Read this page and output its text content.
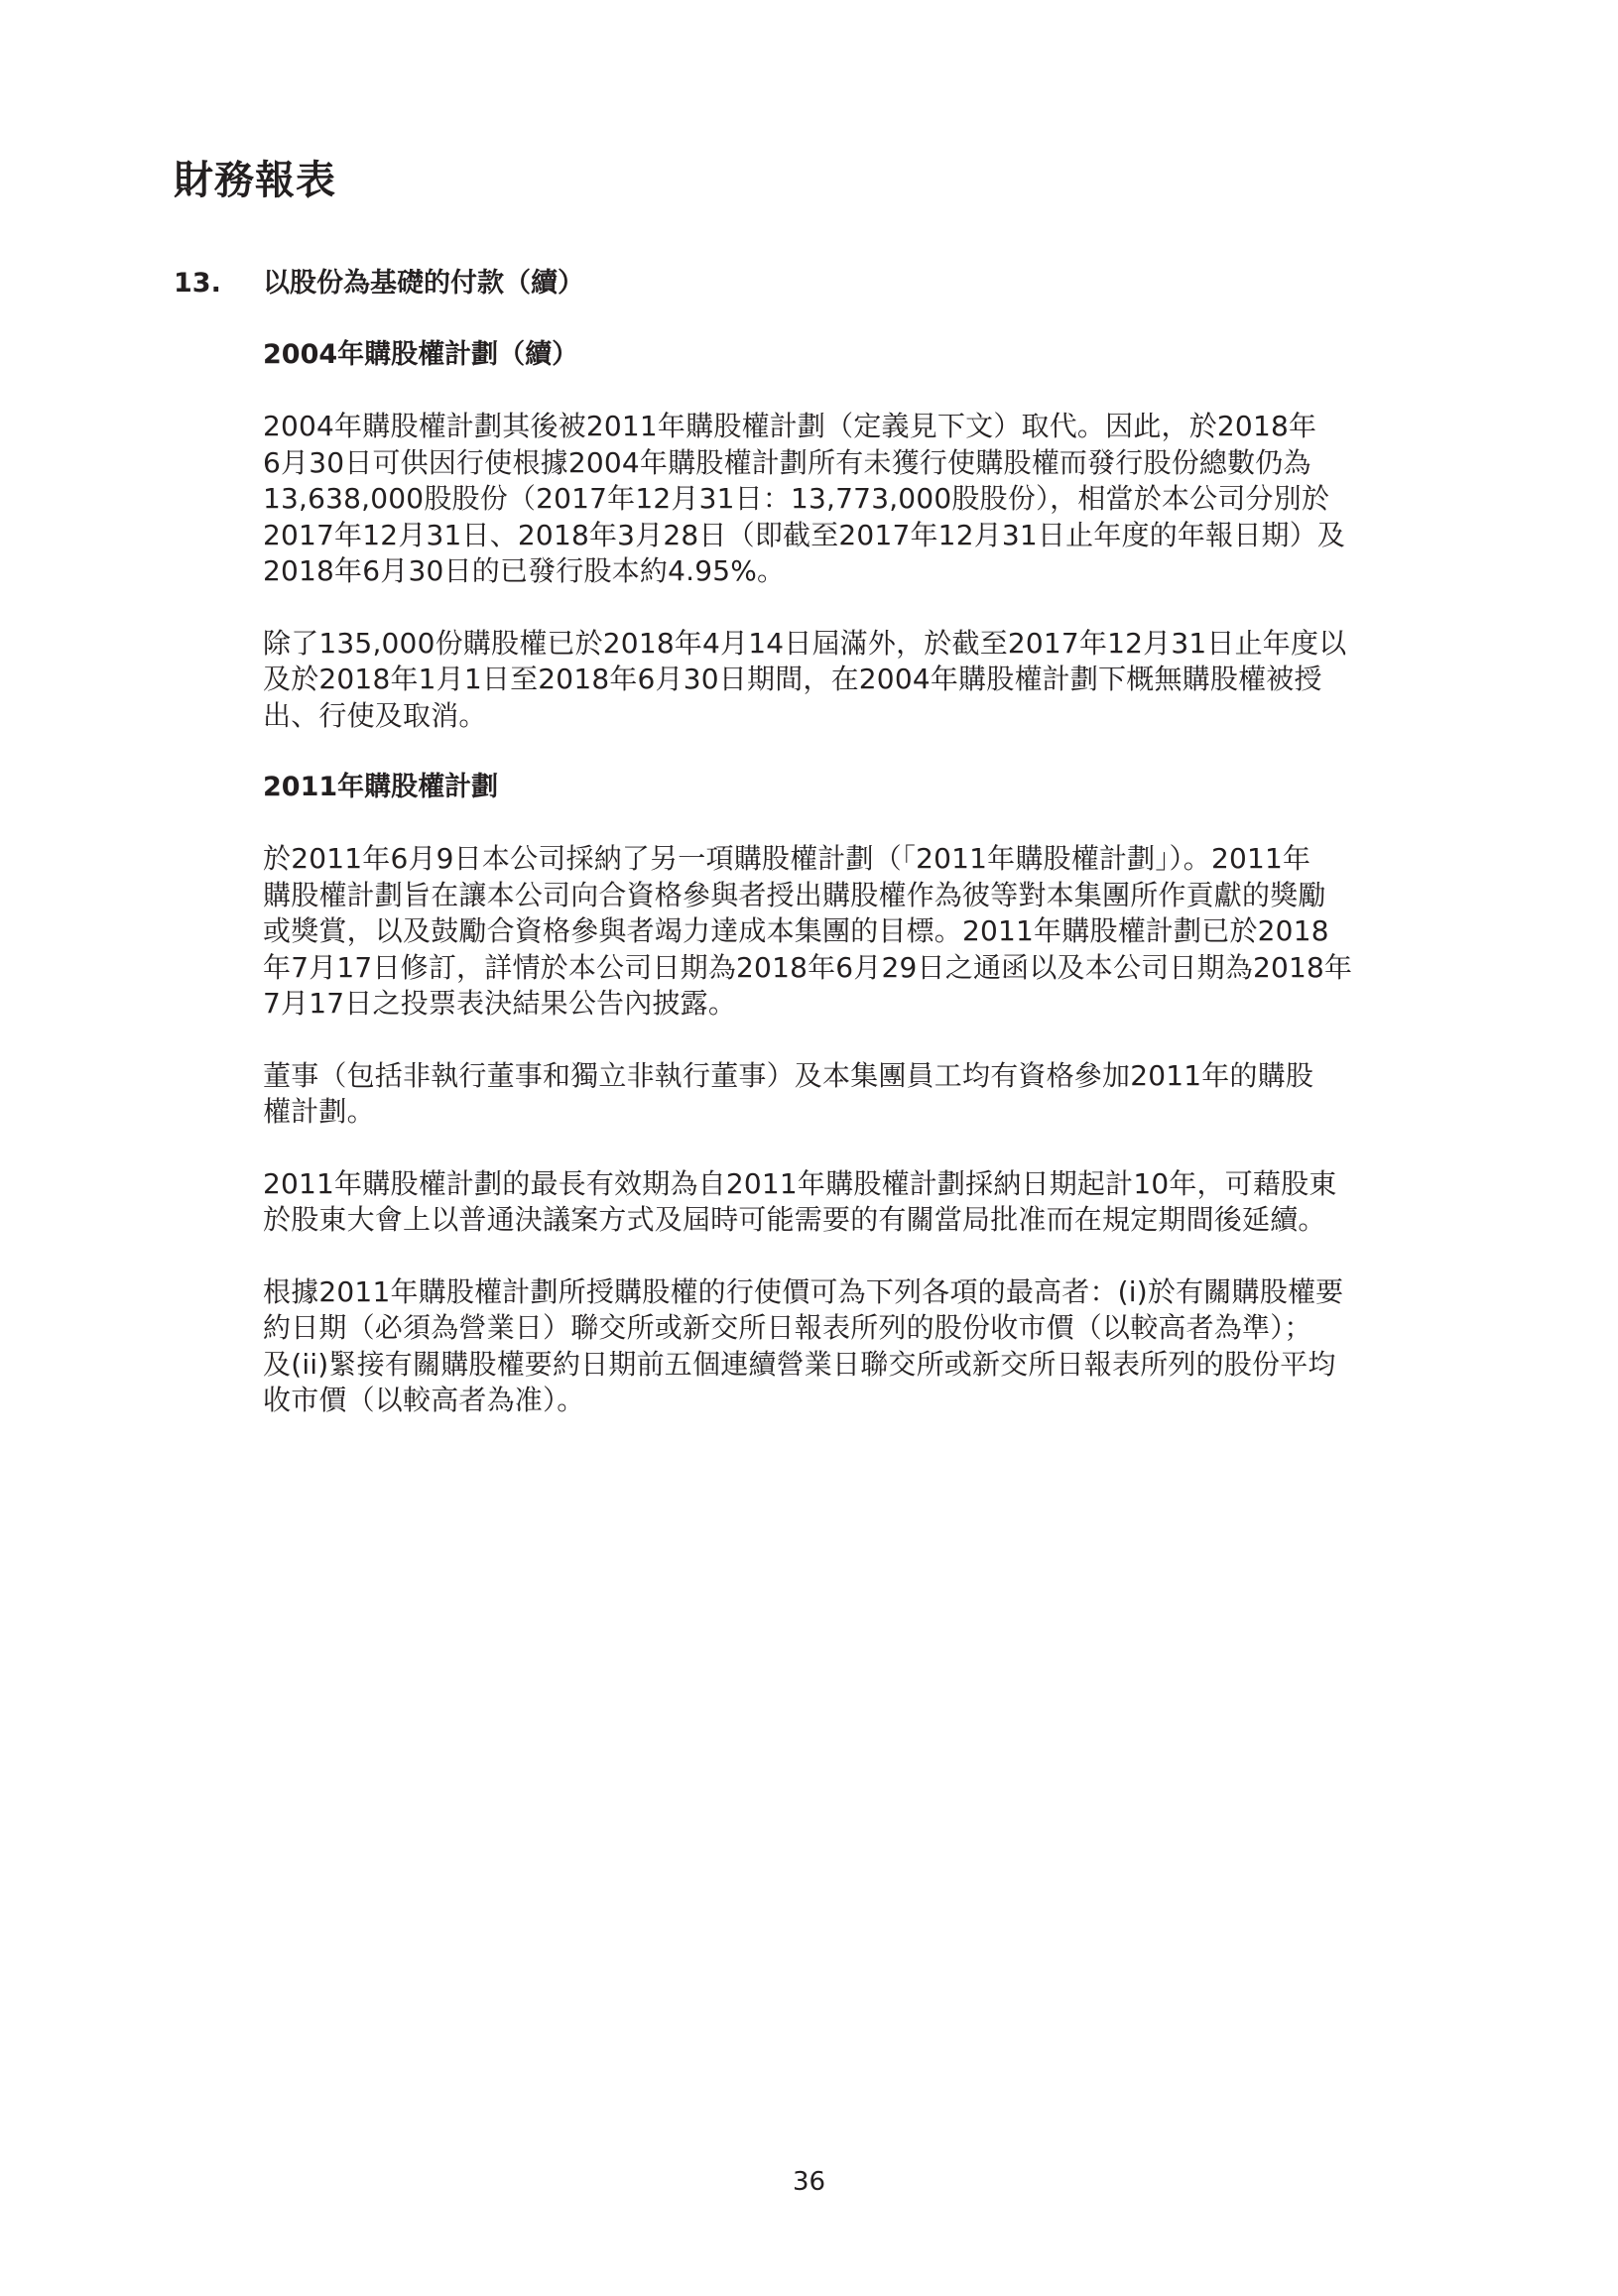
財務報表
13. 以股份為基礎的付款（續）
2004年購股權計劃（續）
2004年購股權計劃其後被2011年購股權計劃（定義見下文）取代。因此，於2018年
6月30日可供因行使根據2004年購股權計劃所有未獲行使購股權而發行股份總數仍為
13,638,000股股份（2017年12月31日：13,773,000股股份），相當於本公司分別於
2017年12月31日、2018年3月28日（即截至2017年12月31日止年度的年報日期）及
2018年6月30日的已發行股本約4.95%。
除了135,000份購股權已於2018年4月14日屆滿外，於截至2017年12月31日止年度以
及於2018年1月1日至2018年6月30日期間，在2004年購股權計劃下概無購股權被授
出、行使及取消。
2011年購股權計劃
於2011年6月9日本公司採納了另一項購股權計劃（「2011年購股權計劃」）。2011年
購股權計劃旨在讓本公司向合資格參與者授出購股權作為彼等對本集團所作貢獻的獎勵
或獎賞，以及鼓勵合資格參與者竭力達成本集團的目標。2011年購股權計劃已於2018
年7月17日修訂，詳情於本公司日期為2018年6月29日之通函以及本公司日期為2018年
7月17日之投票表決結果公告內披露。
董事（包括非執行董事和獨立非執行董事）及本集團員工均有資格參加2011年的購股
權計劃。
2011年購股權計劃的最長有效期為自2011年購股權計劃採納日期起計10年，可藉股東
於股東大會上以普通決議案方式及屆時可能需要的有關當局批准而在規定期間後延續。
根據2011年購股權計劃所授購股權的行使價可為下列各項的最高者：(i)於有關購股權要
約日期（必須為營業日）聯交所或新交所日報表所列的股份收市價（以較高者為準）；
及(ii)緊接有關購股權要約日期前五個連續營業日聯交所或新交所日報表所列的股份平均
收市價（以較高者為准）。
36
